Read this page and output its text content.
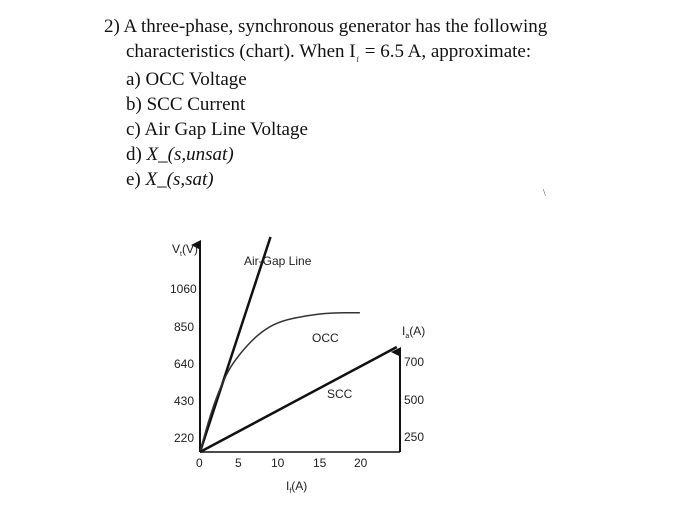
2) A three-phase, synchronous generator has the following
characteristics (chart). When $I_f = 6.5$ A, approximate:
a) OCC Voltage
b) SCC Current
c) Air Gap Line Voltage
d) X_(s,unsat)
e) X_(s,sat)
\
$V_t(V)$
$I_a(A)$
$I_f(A)$
1060
850
640
430
220
700
500
250
0	5 10 15 20
Air-Gap Line
OCC
SCC
